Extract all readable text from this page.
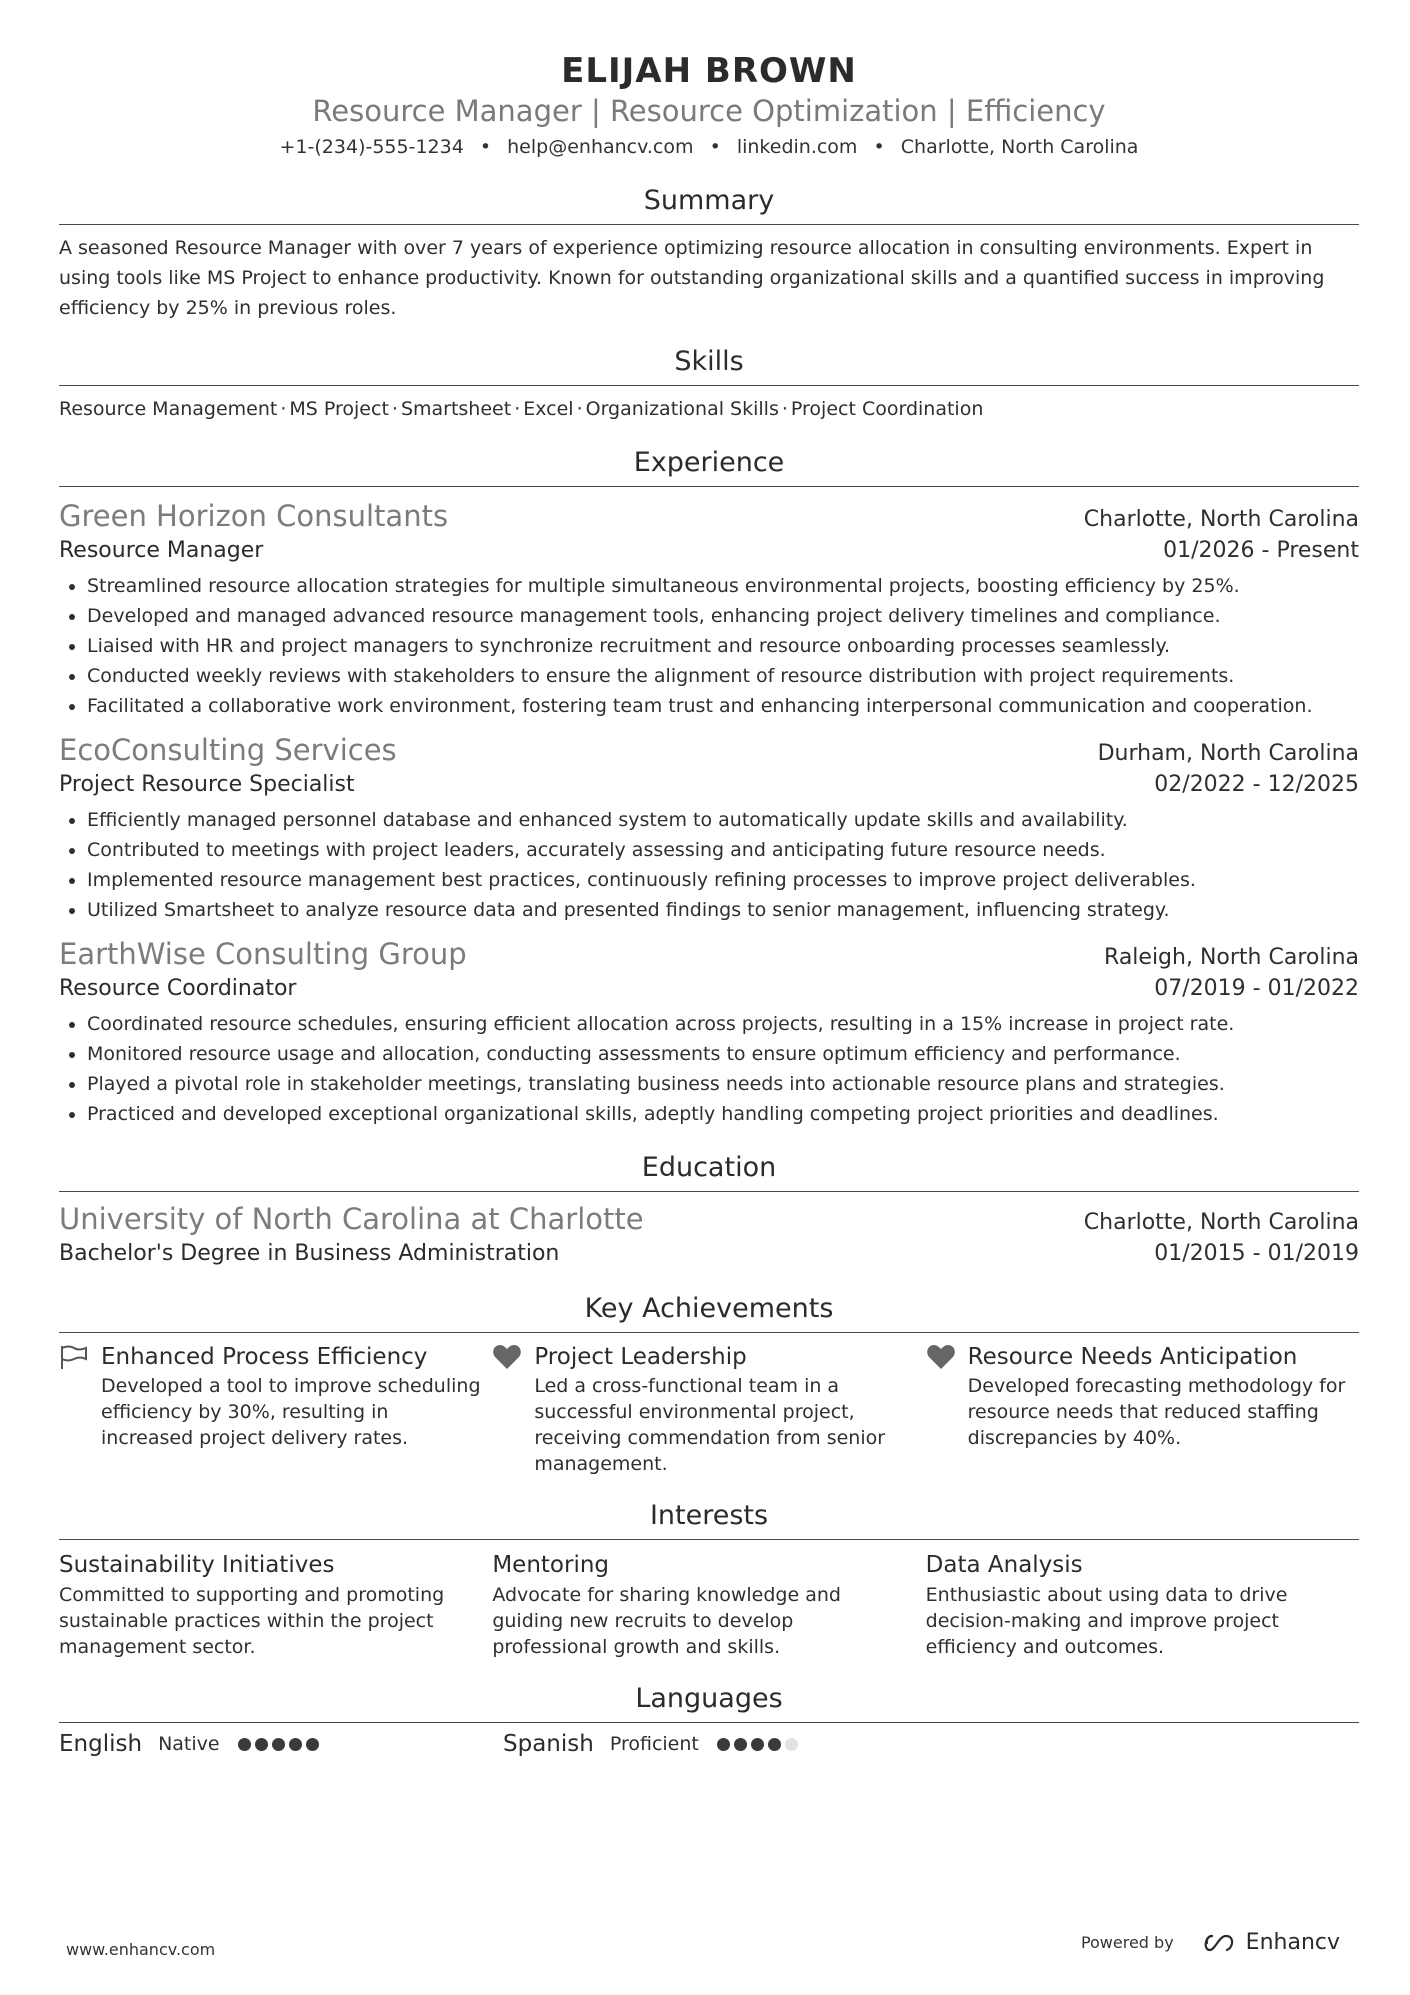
ELIJAH BROWN
Resource Manager | Resource Optimization | Efficiency
+1-(234)-555-1234 • help@enhancv.com • linkedin.com • Charlotte, North Carolina
Summary
A seasoned Resource Manager with over 7 years of experience optimizing resource allocation in consulting environments. Expert in using tools like MS Project to enhance productivity. Known for outstanding organizational skills and a quantified success in improving efficiency by 25% in previous roles.
Skills
Resource Management · MS Project · Smartsheet · Excel · Organizational Skills · Project Coordination
Experience
Green Horizon Consultants	Charlotte, North Carolina
Resource Manager	01/2026 - Present
• Streamlined resource allocation strategies for multiple simultaneous environmental projects, boosting efficiency by 25%.
• Developed and managed advanced resource management tools, enhancing project delivery timelines and compliance.
• Liaised with HR and project managers to synchronize recruitment and resource onboarding processes seamlessly.
• Conducted weekly reviews with stakeholders to ensure the alignment of resource distribution with project requirements.
• Facilitated a collaborative work environment, fostering team trust and enhancing interpersonal communication and cooperation.
EcoConsulting Services	Durham, North Carolina
Project Resource Specialist	02/2022 - 12/2025
• Efficiently managed personnel database and enhanced system to automatically update skills and availability.
• Contributed to meetings with project leaders, accurately assessing and anticipating future resource needs.
• Implemented resource management best practices, continuously refining processes to improve project deliverables.
• Utilized Smartsheet to analyze resource data and presented findings to senior management, influencing strategy.
EarthWise Consulting Group	Raleigh, North Carolina
Resource Coordinator	07/2019 - 01/2022
• Coordinated resource schedules, ensuring efficient allocation across projects, resulting in a 15% increase in project rate.
• Monitored resource usage and allocation, conducting assessments to ensure optimum efficiency and performance.
• Played a pivotal role in stakeholder meetings, translating business needs into actionable resource plans and strategies.
• Practiced and developed exceptional organizational skills, adeptly handling competing project priorities and deadlines.
Education
University of North Carolina at Charlotte	Charlotte, North Carolina
Bachelor's Degree in Business Administration	01/2015 - 01/2019
Key Achievements
Enhanced Process Efficiency
Developed a tool to improve scheduling efficiency by 30%, resulting in increased project delivery rates.
Project Leadership
Led a cross-functional team in a successful environmental project, receiving commendation from senior management.
Resource Needs Anticipation
Developed forecasting methodology for resource needs that reduced staffing discrepancies by 40%.
Interests
Sustainability Initiatives
Committed to supporting and promoting sustainable practices within the project management sector.
Mentoring
Advocate for sharing knowledge and guiding new recruits to develop professional growth and skills.
Data Analysis
Enthusiastic about using data to drive decision-making and improve project efficiency and outcomes.
Languages
English Native	Spanish Proficient
www.enhancv.com	Powered by	Enhancv
